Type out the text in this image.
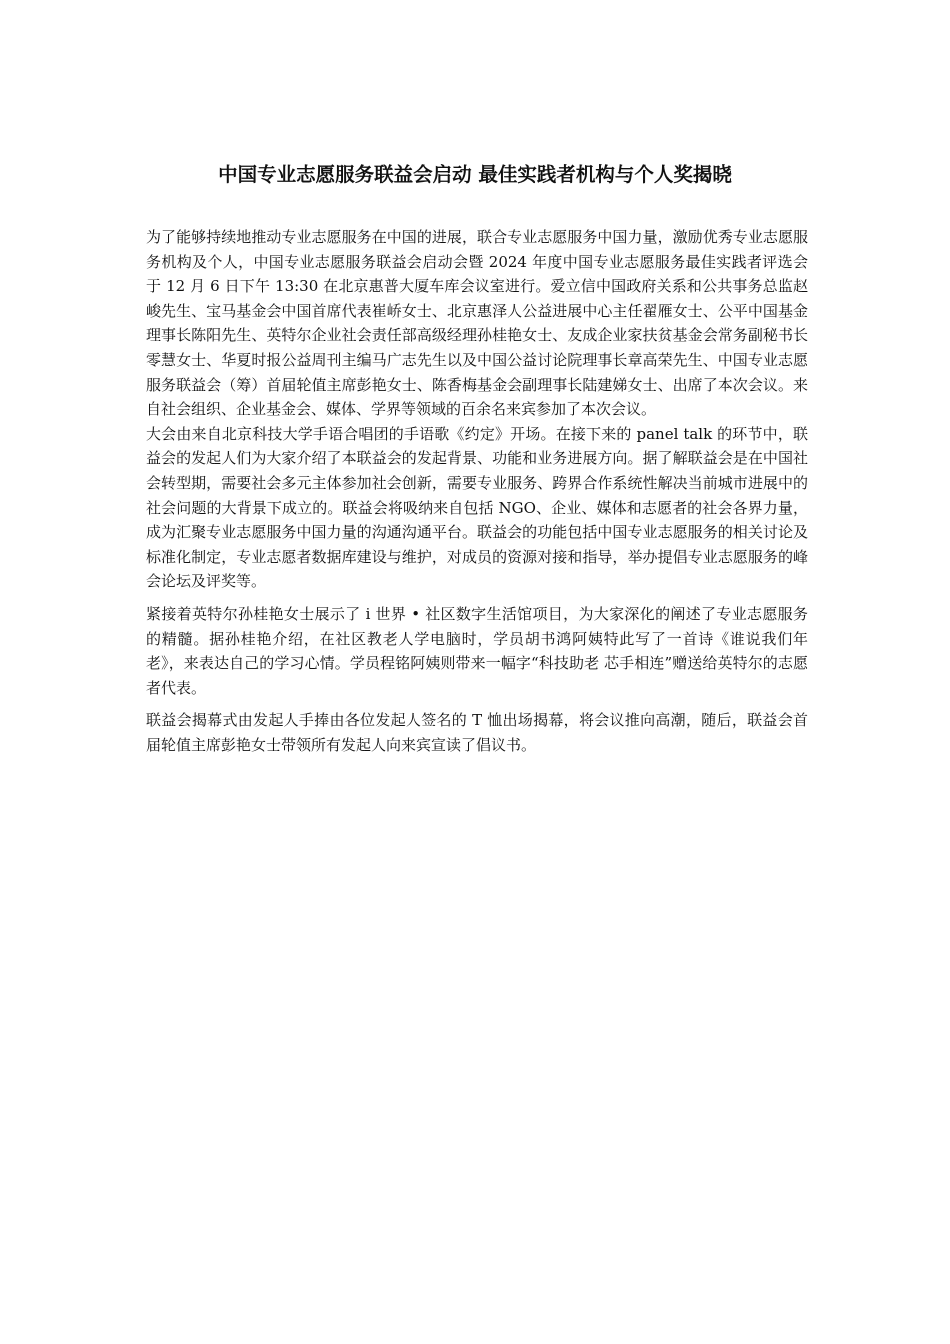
中国专业志愿服务联益会启动 最佳实践者机构与个人奖揭晓

为了能够持续地推动专业志愿服务在中国的进展，联合专业志愿服务中国力量，激励优秀专业志愿服务机构及个人，中国专业志愿服务联益会启动会暨 2024 年度中国专业志愿服务最佳实践者评选会于 12 月 6 日下午 13:30 在北京惠普大厦车库会议室进行。爱立信中国政府关系和公共事务总监赵峻先生、宝马基金会中国首席代表崔峤女士、北京惠泽人公益进展中心主任翟雁女士、公平中国基金理事长陈阳先生、英特尔企业社会责任部高级经理孙桂艳女士、友成企业家扶贫基金会常务副秘书长零慧女士、华夏时报公益周刊主编马广志先生以及中国公益讨论院理事长章高荣先生、中国专业志愿服务联益会（筹）首届轮值主席彭艳女士、陈香梅基金会副理事长陆建娣女士、出席了本次会议。来自社会组织、企业基金会、媒体、学界等领域的百余名来宾参加了本次会议。

大会由来自北京科技大学手语合唱团的手语歌《约定》开场。在接下来的 panel talk 的环节中，联益会的发起人们为大家介绍了本联益会的发起背景、功能和业务进展方向。据了解联益会是在中国社会转型期，需要社会多元主体参加社会创新，需要专业服务、跨界合作系统性解决当前城市进展中的社会问题的大背景下成立的。联益会将吸纳来自包括 NGO、企业、媒体和志愿者的社会各界力量，成为汇聚专业志愿服务中国力量的沟通沟通平台。联益会的功能包括中国专业志愿服务的相关讨论及标准化制定，专业志愿者数据库建设与维护，对成员的资源对接和指导，举办提倡专业志愿服务的峰会论坛及评奖等。

紧接着英特尔孙桂艳女士展示了 i 世界 • 社区数字生活馆项目，为大家深化的阐述了专业志愿服务的精髓。据孙桂艳介绍，在社区教老人学电脑时，学员胡书鸿阿姨特此写了一首诗《谁说我们年老》，来表达自己的学习心情。学员程铭阿姨则带来一幅字“科技助老 芯手相连”赠送给英特尔的志愿者代表。

联益会揭幕式由发起人手捧由各位发起人签名的 T 恤出场揭幕，将会议推向高潮，随后，联益会首届轮值主席彭艳女士带领所有发起人向来宾宣读了倡议书。
